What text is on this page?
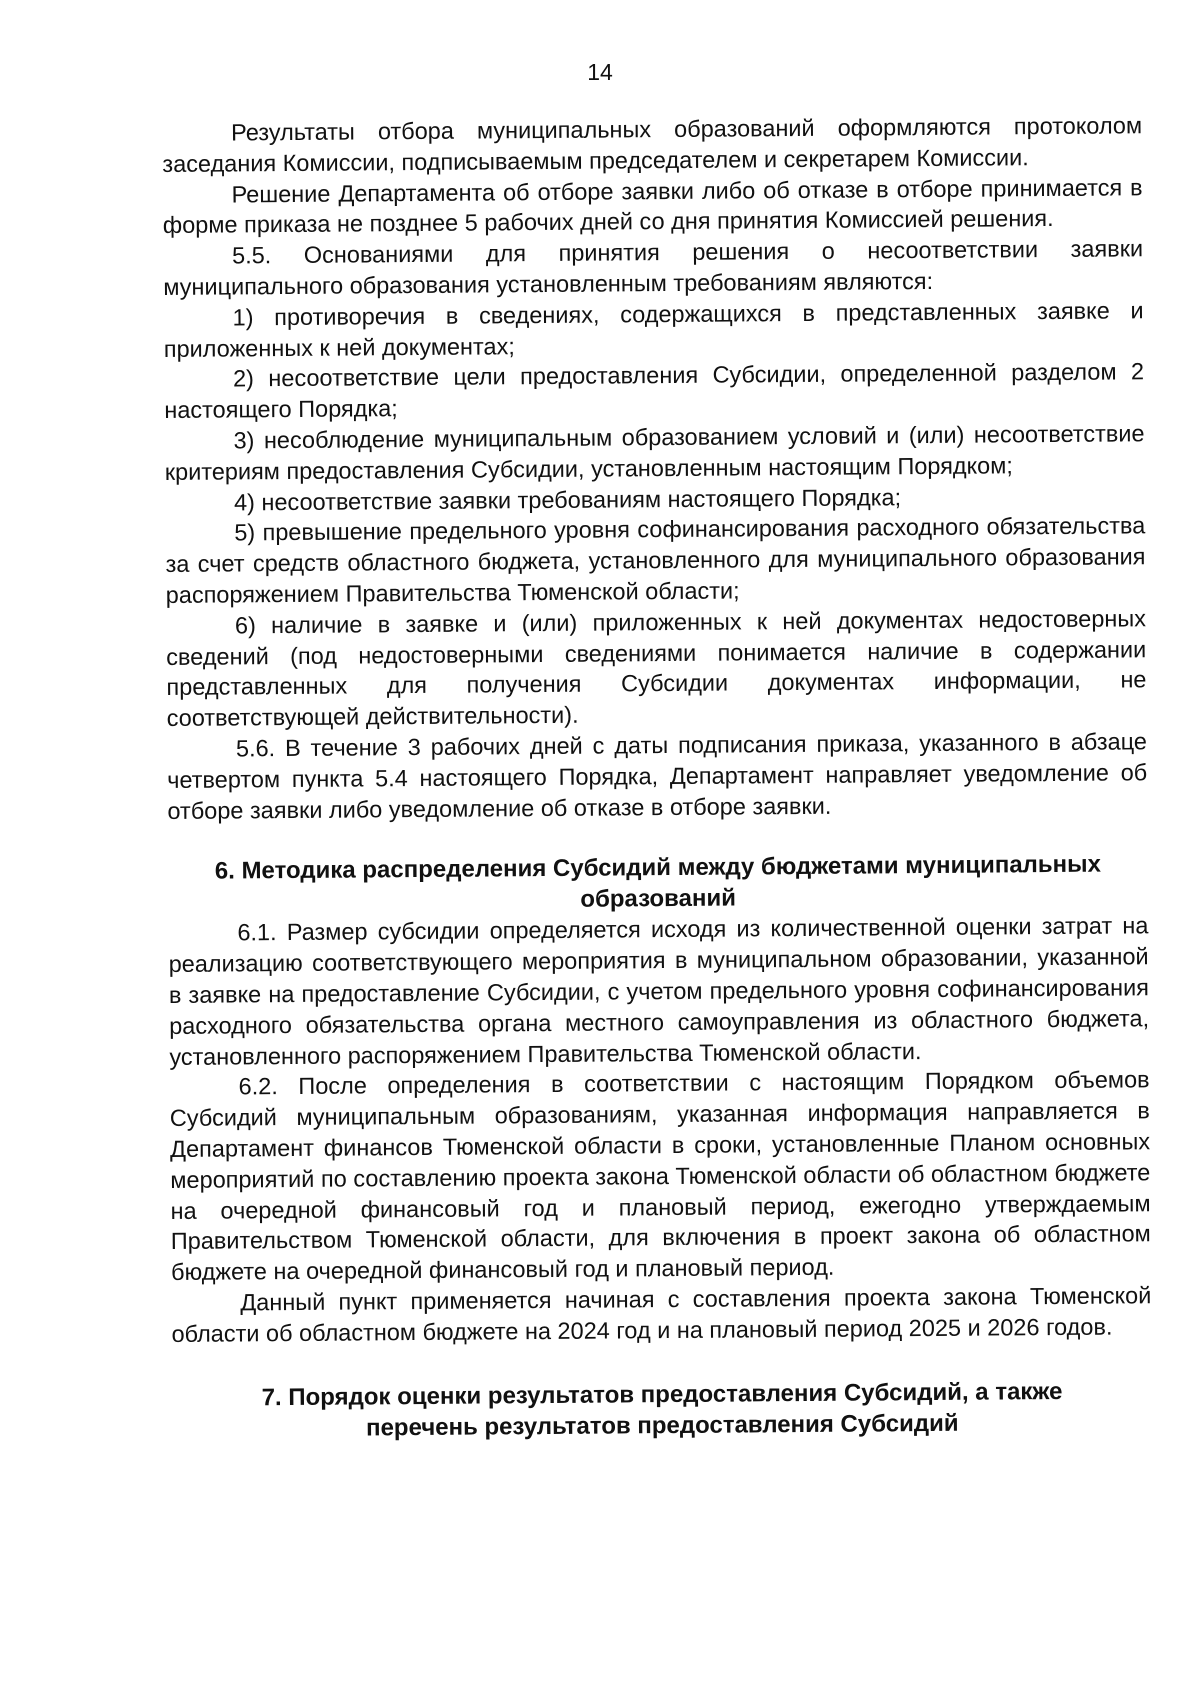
14

Результаты отбора муниципальных образований оформляются протоколом заседания Комиссии, подписываемым председателем и секретарем Комиссии.

Решение Департамента об отборе заявки либо об отказе в отборе принимается в форме приказа не позднее 5 рабочих дней со дня принятия Комиссией решения.

5.5. Основаниями для принятия решения о несоответствии заявки муниципального образования установленным требованиям являются:

1) противоречия в сведениях, содержащихся в представленных заявке и приложенных к ней документах;

2) несоответствие цели предоставления Субсидии, определенной разделом 2 настоящего Порядка;

3) несоблюдение муниципальным образованием условий и (или) несоответствие критериям предоставления Субсидии, установленным настоящим Порядком;

4) несоответствие заявки требованиям настоящего Порядка;

5) превышение предельного уровня софинансирования расходного обязательства за счет средств областного бюджета, установленного для муниципального образования распоряжением Правительства Тюменской области;

6) наличие в заявке и (или) приложенных к ней документах недостоверных сведений (под недостоверными сведениями понимается наличие в содержании представленных для получения Субсидии документах информации, не соответствующей действительности).

5.6. В течение 3 рабочих дней с даты подписания приказа, указанного в абзаце четвертом пункта 5.4 настоящего Порядка, Департамент направляет уведомление об отборе заявки либо уведомление об отказе в отборе заявки.

6. Методика распределения Субсидий между бюджетами муниципальных образований

6.1. Размер субсидии определяется исходя из количественной оценки затрат на реализацию соответствующего мероприятия в муниципальном образовании, указанной в заявке на предоставление Субсидии, с учетом предельного уровня софинансирования расходного обязательства органа местного самоуправления из областного бюджета, установленного распоряжением Правительства Тюменской области.

6.2. После определения в соответствии с настоящим Порядком объемов Субсидий муниципальным образованиям, указанная информация направляется в Департамент финансов Тюменской области в сроки, установленные Планом основных мероприятий по составлению проекта закона Тюменской области об областном бюджете на очередной финансовый год и плановый период, ежегодно утверждаемым Правительством Тюменской области, для включения в проект закона об областном бюджете на очередной финансовый год и плановый период.

Данный пункт применяется начиная с составления проекта закона Тюменской области об областном бюджете на 2024 год и на плановый период 2025 и 2026 годов.

7. Порядок оценки результатов предоставления Субсидий, а также перечень результатов предоставления Субсидий
